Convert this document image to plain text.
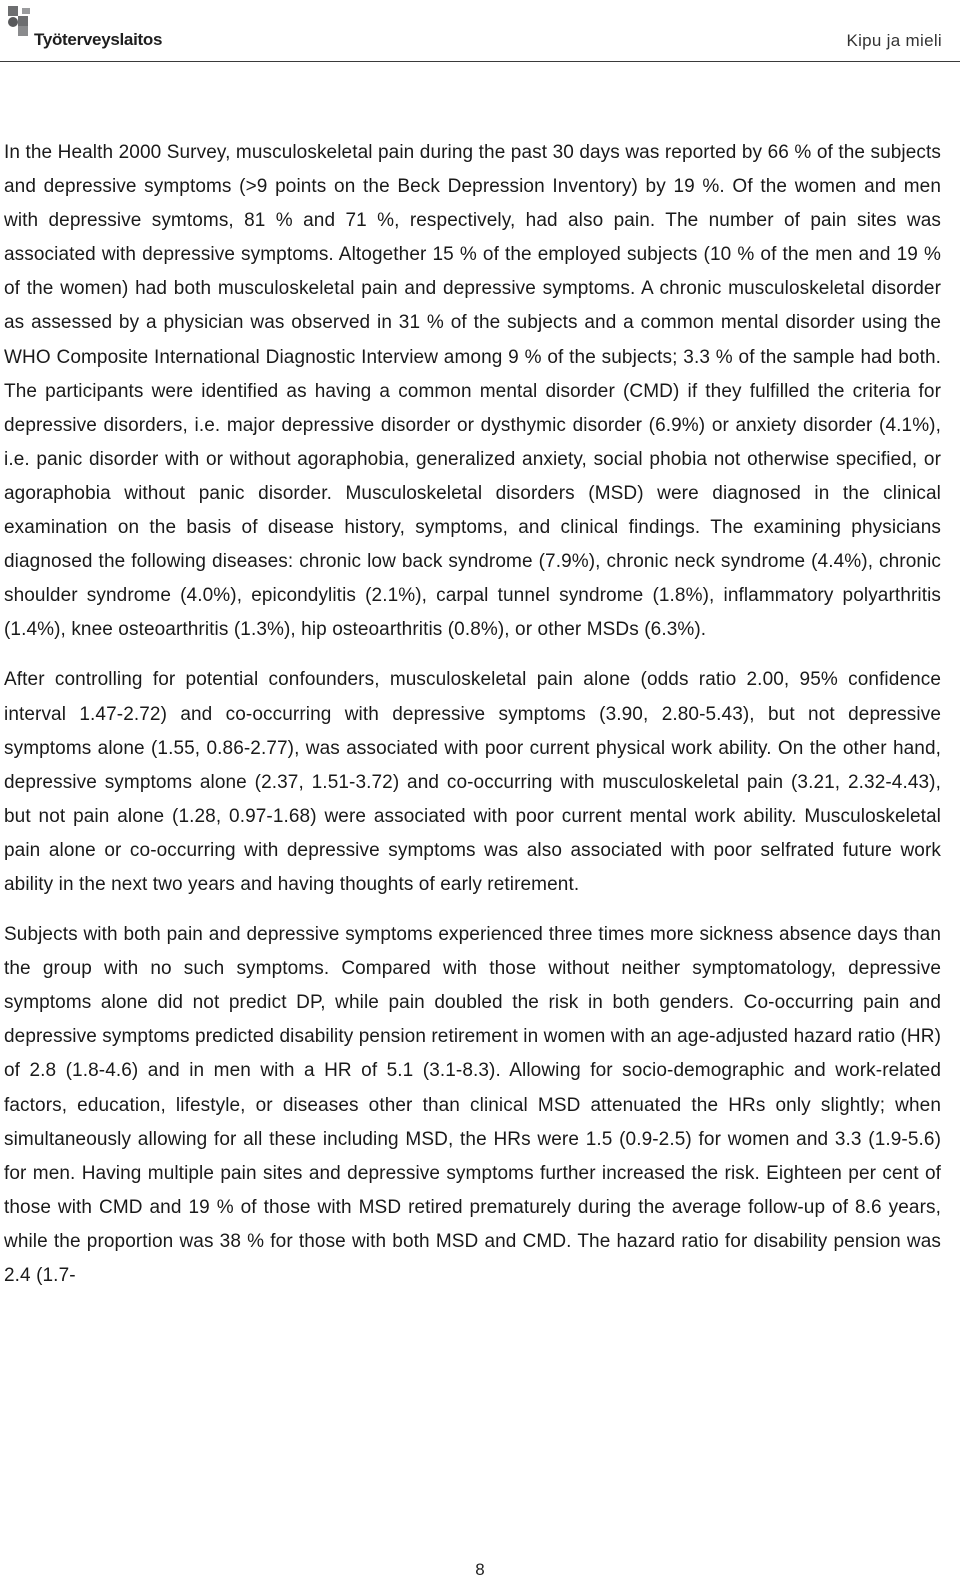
Työterveyslaitos	Kipu ja mieli

In the Health 2000 Survey, musculoskeletal pain during the past 30 days was reported by 66 % of the subjects and depressive symptoms (>9 points on the Beck Depression Inventory) by 19 %. Of the women and men with depressive symtoms, 81 % and 71 %, respectively, had also pain. The number of pain sites was associated with depressive symptoms. Altogether 15 % of the employed subjects (10 % of the men and 19 % of the women) had both musculoskeletal pain and depressive symptoms. A chronic musculoskeletal disorder as assessed by a physician was observed in 31 % of the subjects and a common mental disorder using the WHO Composite International Diagnostic Interview among 9 % of the subjects; 3.3 % of the sample had both. The participants were identified as having a common mental disorder (CMD) if they fulfilled the criteria for depressive disorders, i.e. major depressive disorder or dysthymic disorder (6.9%) or anxiety disorder (4.1%), i.e. panic disorder with or without agoraphobia, generalized anxiety, social phobia not otherwise specified, or agoraphobia without panic disorder. Musculoskeletal disorders (MSD) were diagnosed in the clinical examination on the basis of disease history, symptoms, and clinical findings. The examining physicians diagnosed the following diseases: chronic low back syndrome (7.9%), chronic neck syndrome (4.4%), chronic shoulder syndrome (4.0%), epicondylitis (2.1%), carpal tunnel syndrome (1.8%), inflammatory polyarthritis (1.4%), knee osteoarthritis (1.3%), hip osteoarthritis (0.8%), or other MSDs (6.3%).

After controlling for potential confounders, musculoskeletal pain alone (odds ratio 2.00, 95% confidence interval 1.47-2.72) and co-occurring with depressive symptoms (3.90, 2.80-5.43), but not depressive symptoms alone (1.55, 0.86-2.77), was associated with poor current physical work ability. On the other hand, depressive symptoms alone (2.37, 1.51-3.72) and co-occurring with musculoskeletal pain (3.21, 2.32-4.43), but not pain alone (1.28, 0.97-1.68) were associated with poor current mental work ability. Musculoskeletal pain alone or co-occurring with depressive symptoms was also associated with poor selfrated future work ability in the next two years and having thoughts of early retirement.

Subjects with both pain and depressive symptoms experienced three times more sickness absence days than the group with no such symptoms. Compared with those without neither symptomatology, depressive symptoms alone did not predict DP, while pain doubled the risk in both genders. Co-occurring pain and depressive symptoms predicted disability pension retirement in women with an age-adjusted hazard ratio (HR) of 2.8 (1.8-4.6) and in men with a HR of 5.1 (3.1-8.3). Allowing for socio-demographic and work-related factors, education, lifestyle, or diseases other than clinical MSD attenuated the HRs only slightly; when simultaneously allowing for all these including MSD, the HRs were 1.5 (0.9-2.5) for women and 3.3 (1.9-5.6) for men. Having multiple pain sites and depressive symptoms further increased the risk. Eighteen per cent of those with CMD and 19 % of those with MSD retired prematurely during the average follow-up of 8.6 years, while the proportion was 38 % for those with both MSD and CMD. The hazard ratio for disability pension was 2.4 (1.7-

8
